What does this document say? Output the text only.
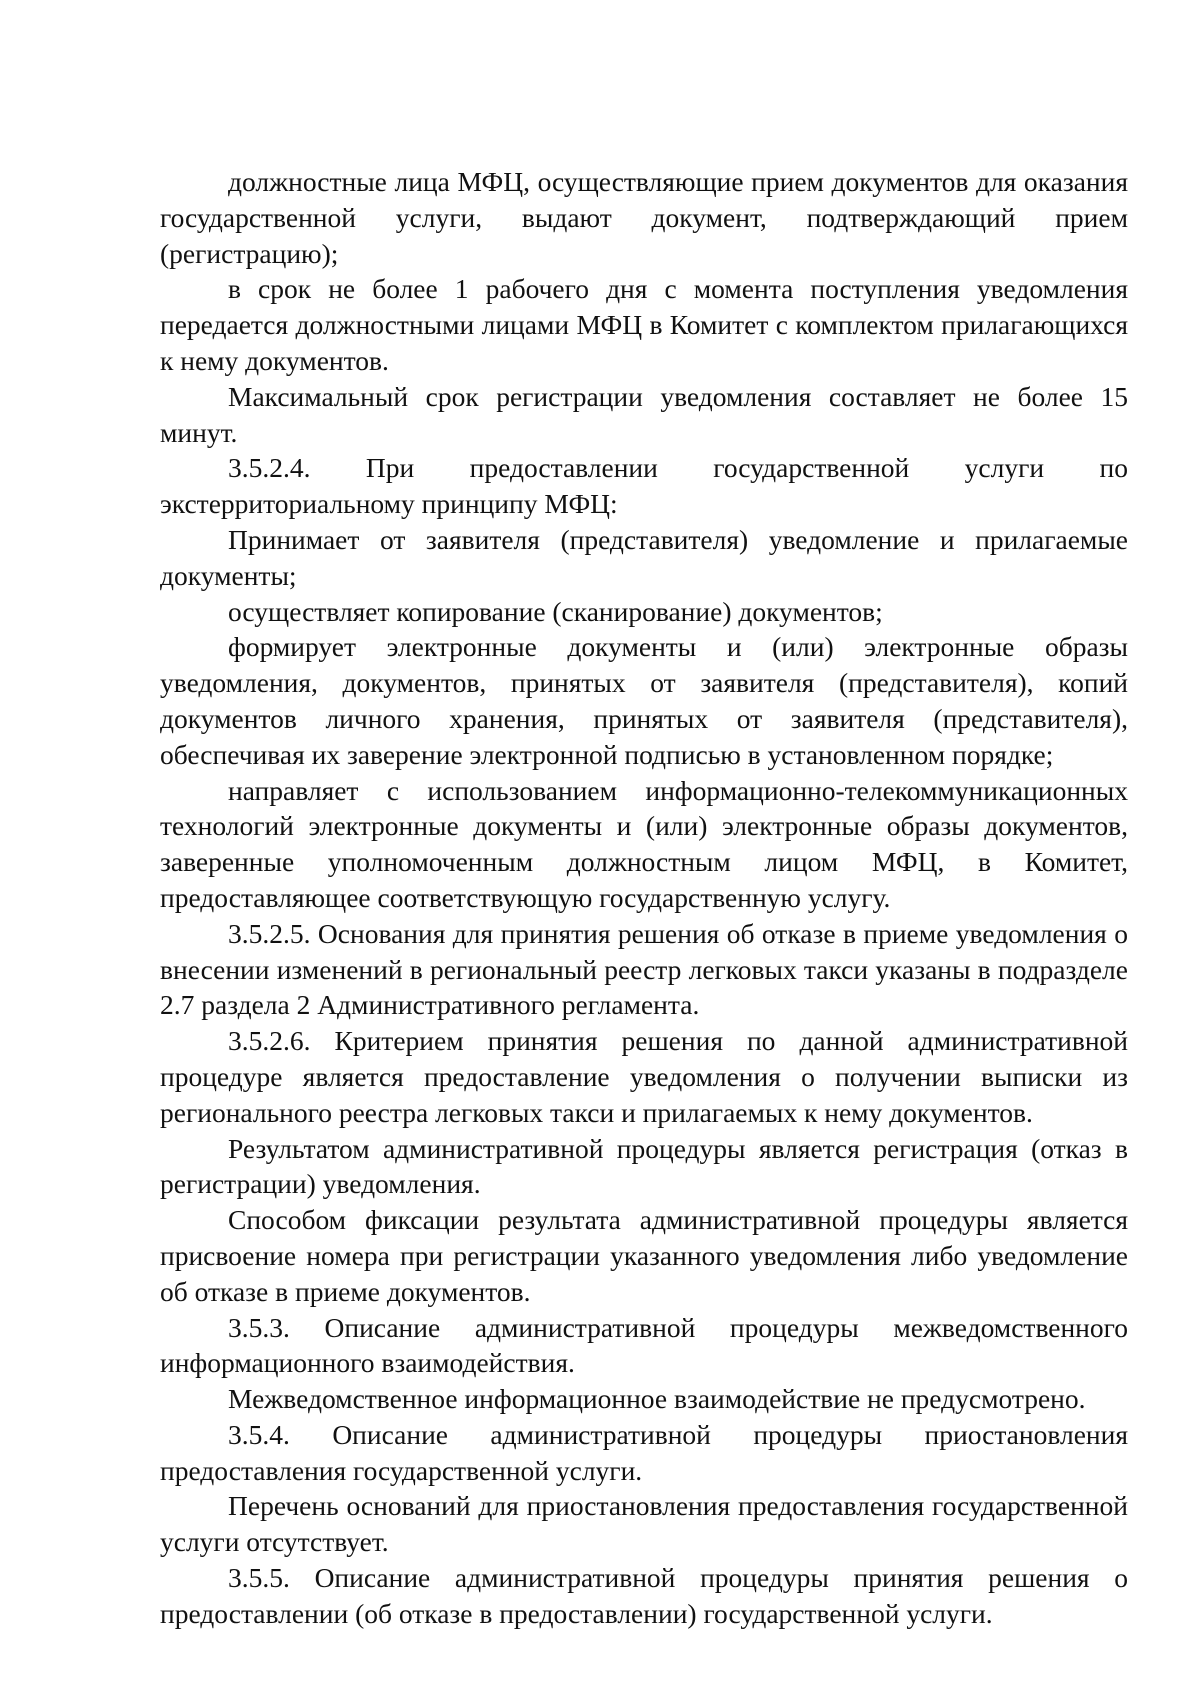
должностные лица МФЦ, осуществляющие прием документов для оказания государственной услуги, выдают документ, подтверждающий прием (регистрацию);

в срок не более 1 рабочего дня с момента поступления уведомления передается должностными лицами МФЦ в Комитет с комплектом прилагающихся к нему документов.

Максимальный срок регистрации уведомления составляет не более 15 минут.

3.5.2.4. При предоставлении государственной услуги по экстерриториальному принципу МФЦ:

Принимает от заявителя (представителя) уведомление и прилагаемые документы;

осуществляет копирование (сканирование) документов;

формирует электронные документы и (или) электронные образы уведомления, документов, принятых от заявителя (представителя), копий документов личного хранения, принятых от заявителя (представителя), обеспечивая их заверение электронной подписью в установленном порядке;

направляет с использованием информационно-телекоммуникационных технологий электронные документы и (или) электронные образы документов, заверенные уполномоченным должностным лицом МФЦ, в Комитет, предоставляющее соответствующую государственную услугу.

3.5.2.5. Основания для принятия решения об отказе в приеме уведомления о внесении изменений в региональный реестр легковых такси указаны в подразделе 2.7 раздела 2 Административного регламента.

3.5.2.6. Критерием принятия решения по данной административной процедуре является предоставление уведомления о получении выписки из регионального реестра легковых такси и прилагаемых к нему документов.

Результатом административной процедуры является регистрация (отказ в регистрации) уведомления.

Способом фиксации результата административной процедуры является присвоение номера при регистрации указанного уведомления либо уведомление об отказе в приеме документов.

3.5.3. Описание административной процедуры межведомственного информационного взаимодействия.

Межведомственное информационное взаимодействие не предусмотрено.

3.5.4. Описание административной процедуры приостановления предоставления государственной услуги.

Перечень оснований для приостановления предоставления государственной услуги отсутствует.

3.5.5. Описание административной процедуры принятия решения о предоставлении (об отказе в предоставлении) государственной услуги.
